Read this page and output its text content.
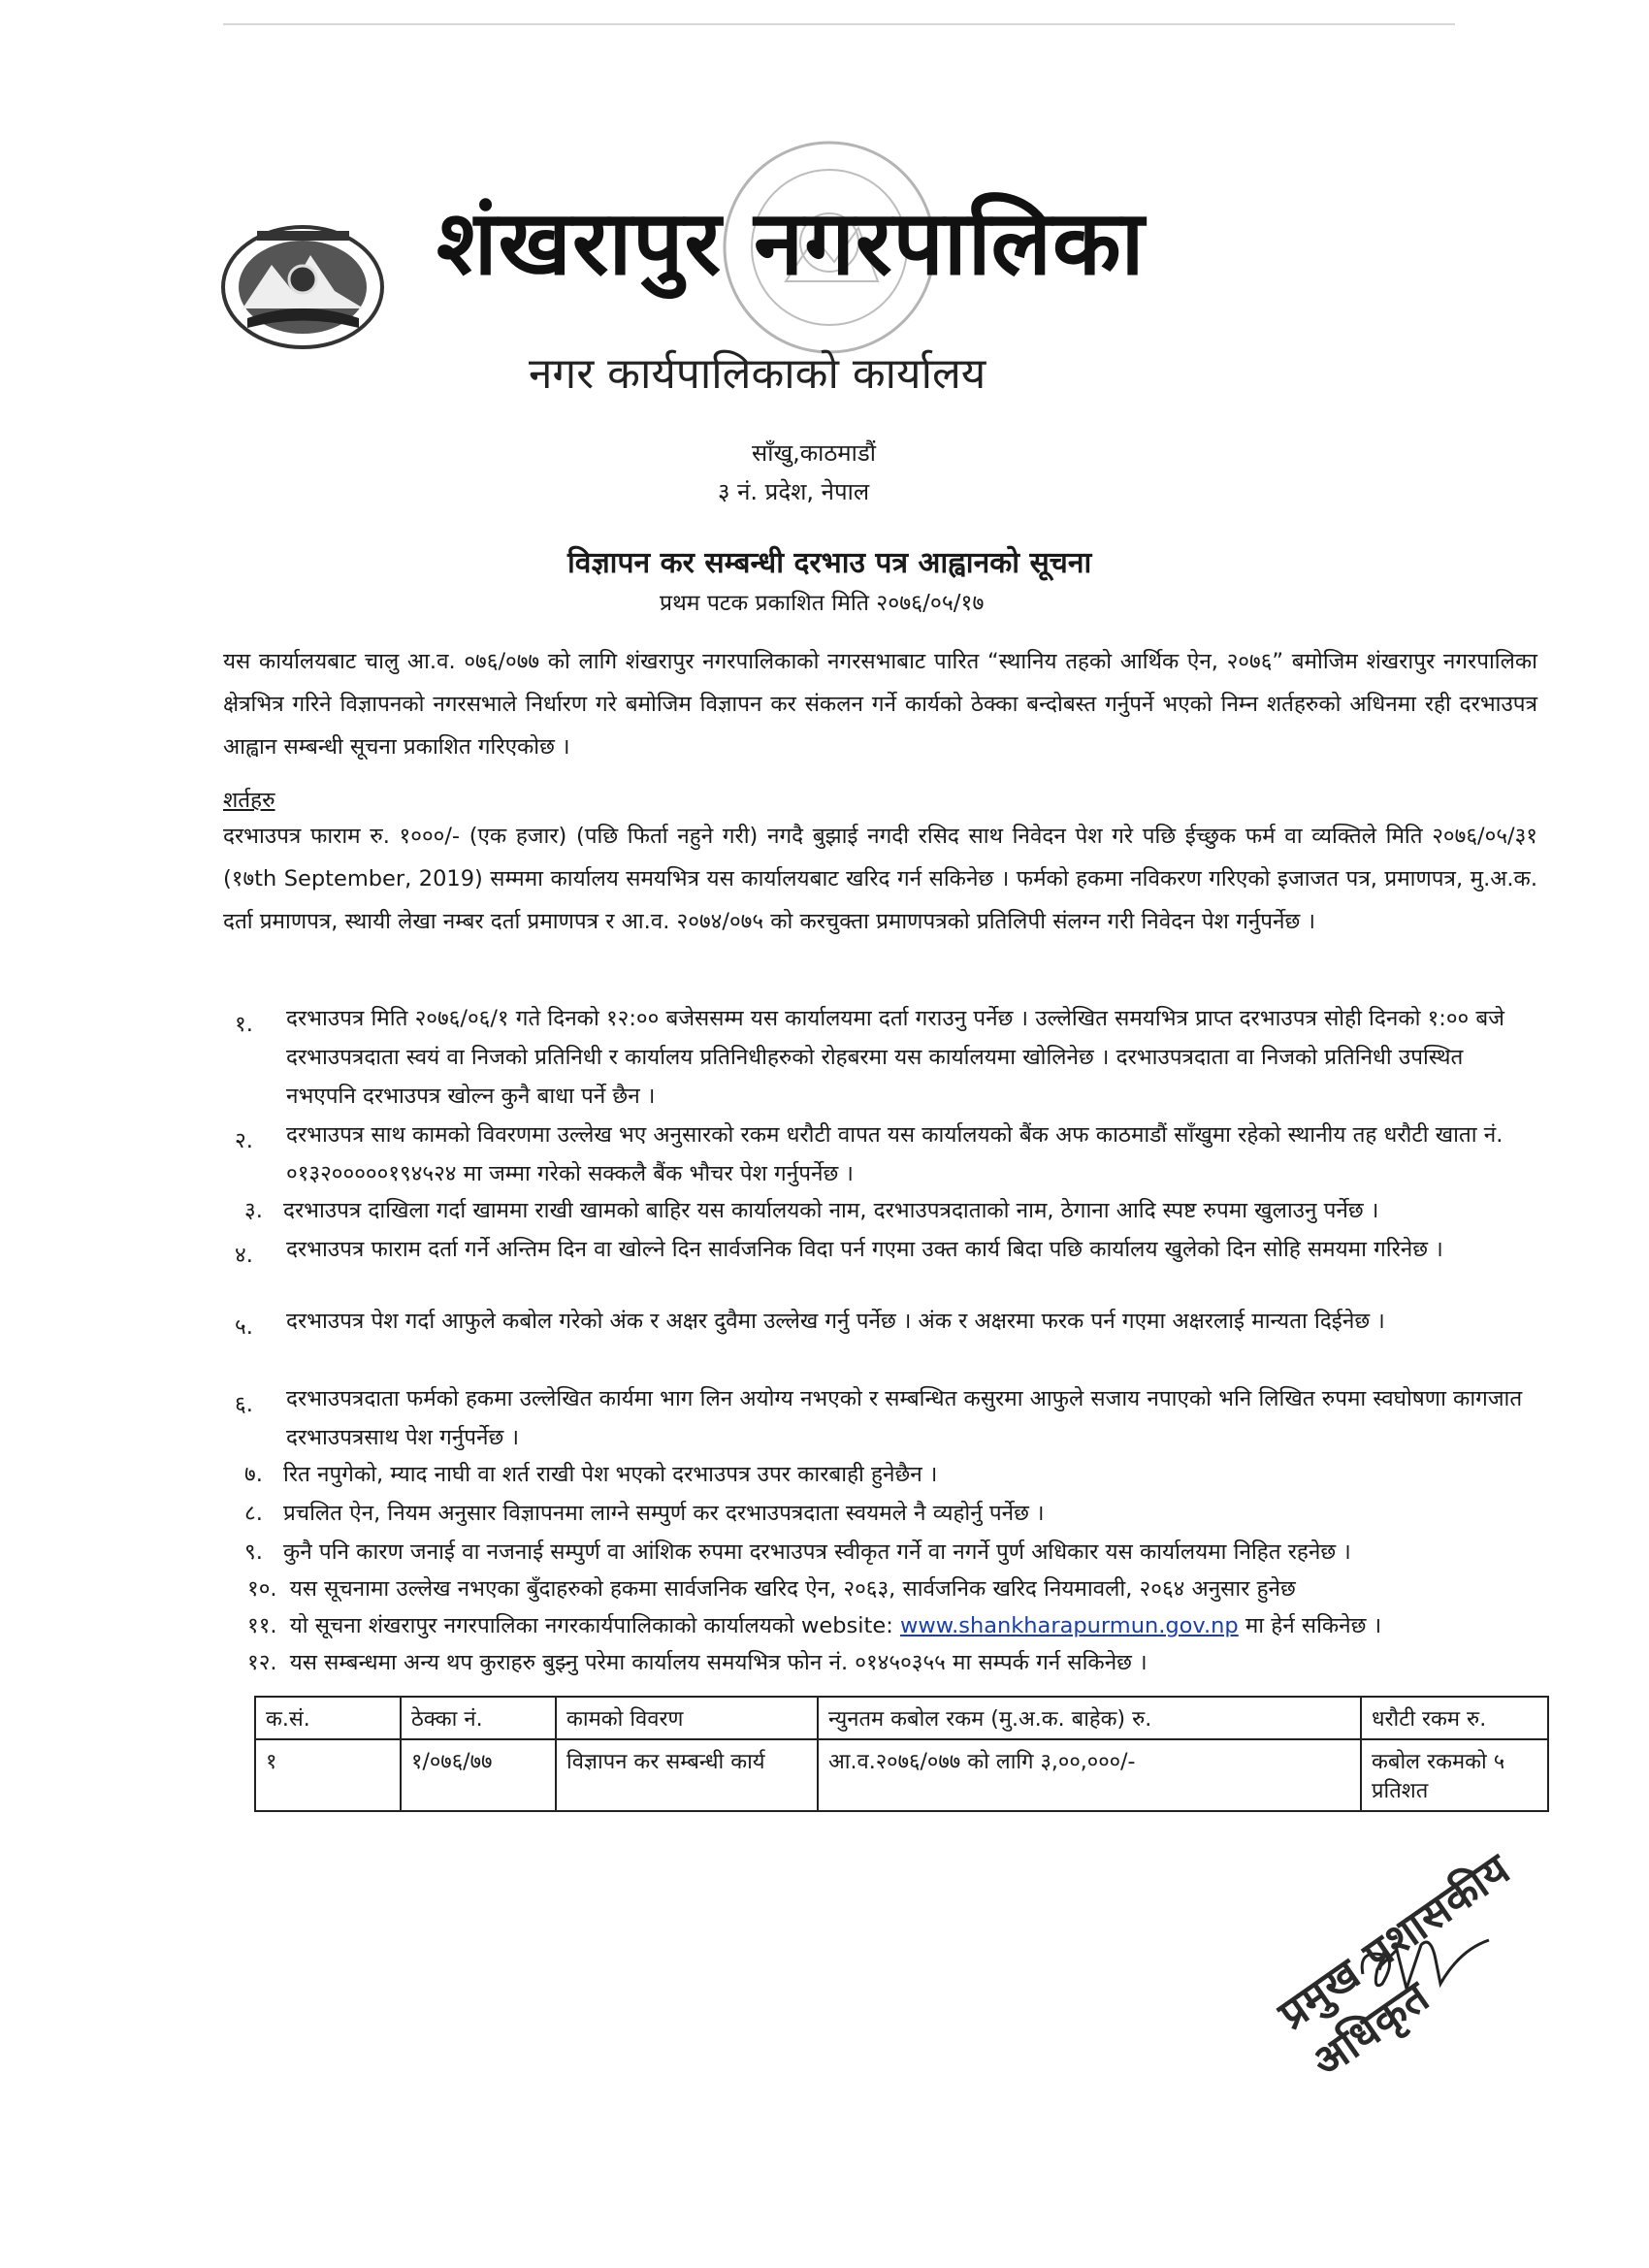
शंखरापुर नगरपालिका
नगर कार्यपालिकाको कार्यालय
साँखु,काठमाडौं
३ नं. प्रदेश, नेपाल
विज्ञापन कर सम्बन्धी दरभाउ पत्र आह्वानको सूचना
प्रथम पटक प्रकाशित मिति २०७६/०५/१७
यस कार्यालयबाट चालु आ.व. ०७६/०७७ को लागि शंखरापुर नगरपालिकाको नगरसभाबाट पारित “स्थानिय तहको आर्थिक ऐन, २०७६” बमोजिम शंखरापुर नगरपालिका क्षेत्रभित्र गरिने विज्ञापनको नगरसभाले निर्धारण गरे बमोजिम विज्ञापन कर संकलन गर्ने कार्यको ठेक्का बन्दोबस्त गर्नुपर्ने भएको निम्न शर्तहरुको अधिनमा रही दरभाउपत्र आह्वान सम्बन्धी सूचना प्रकाशित गरिएकोछ ।
शर्तहरु
दरभाउपत्र फाराम रु. १०००/- (एक हजार) (पछि फिर्ता नहुने गरी) नगदै बुझाई नगदी रसिद साथ निवेदन पेश गरे पछि ईच्छुक फर्म वा व्यक्तिले मिति २०७६/०५/३१ (१७th September, 2019) सम्ममा कार्यालय समयभित्र यस कार्यालयबाट खरिद गर्न सकिनेछ । फर्मको हकमा नविकरण गरिएको इजाजत पत्र, प्रमाणपत्र, मु.अ.क. दर्ता प्रमाणपत्र, स्थायी लेखा नम्बर दर्ता प्रमाणपत्र र आ.व. २०७४/०७५ को करचुक्ता प्रमाणपत्रको प्रतिलिपी संलग्न गरी निवेदन पेश गर्नुपर्नेछ ।
१.	दरभाउपत्र मिति २०७६/०६/१ गते दिनको १२:०० बजेससम्म यस कार्यालयमा दर्ता गराउनु पर्नेछ । उल्लेखित समयभित्र प्राप्त दरभाउपत्र सोही दिनको १:०० बजे दरभाउपत्रदाता स्वयं वा निजको प्रतिनिधी र कार्यालय प्रतिनिधीहरुको रोहबरमा यस कार्यालयमा खोलिनेछ । दरभाउपत्रदाता वा निजको प्रतिनिधी उपस्थित नभएपनि दरभाउपत्र खोल्न कुनै बाधा पर्ने छैन ।
२.	दरभाउपत्र साथ कामको विवरणमा उल्लेख भए अनुसारको रकम धरौटी वापत यस कार्यालयको बैंक अफ काठमाडौं साँखुमा रहेको स्थानीय तह धरौटी खाता नं. ०१३२०००००१९४५२४ मा जम्मा गरेको सक्कलै बैंक भौचर पेश गर्नुपर्नेछ ।
३. दरभाउपत्र दाखिला गर्दा खाममा राखी खामको बाहिर यस कार्यालयको नाम, दरभाउपत्रदाताको नाम, ठेगाना आदि स्पष्ट रुपमा खुलाउनु पर्नेछ ।
४.	दरभाउपत्र फाराम दर्ता गर्ने अन्तिम दिन वा खोल्ने दिन सार्वजनिक विदा पर्न गएमा उक्त कार्य बिदा पछि कार्यालय खुलेको दिन सोहि समयमा गरिनेछ ।
५.	दरभाउपत्र पेश गर्दा आफुले कबोल गरेको अंक र अक्षर दुवैमा उल्लेख गर्नु पर्नेछ । अंक र अक्षरमा फरक पर्न गएमा अक्षरलाई मान्यता दिईनेछ ।
६.	दरभाउपत्रदाता फर्मको हकमा उल्लेखित कार्यमा भाग लिन अयोग्य नभएको र सम्बन्धित कसुरमा आफुले सजाय नपाएको भनि लिखित रुपमा स्वघोषणा कागजात दरभाउपत्रसाथ पेश गर्नुपर्नेछ ।
७. रित नपुगेको, म्याद नाघी वा शर्त राखी पेश भएको दरभाउपत्र उपर कारबाही हुनेछैन ।
८. प्रचलित ऐन, नियम अनुसार विज्ञापनमा लाग्ने सम्पुर्ण कर दरभाउपत्रदाता स्वयमले नै व्यहोर्नु पर्नेछ ।
९. कुनै पनि कारण जनाई वा नजनाई सम्पुर्ण वा आंशिक रुपमा दरभाउपत्र स्वीकृत गर्ने वा नगर्ने पुर्ण अधिकार यस कार्यालयमा निहित रहनेछ ।
१०. यस सूचनामा उल्लेख नभएका बुँदाहरुको हकमा सार्वजनिक खरिद ऐन, २०६३, सार्वजनिक खरिद नियमावली, २०६४ अनुसार हुनेछ
११. यो सूचना शंखरापुर नगरपालिका नगरकार्यपालिकाको कार्यालयको website: www.shankharapurmun.gov.np मा हेर्न सकिनेछ ।
१२. यस सम्बन्धमा अन्य थप कुराहरु बुझ्नु परेमा कार्यालय समयभित्र फोन नं. ०१४५०३५५ मा सम्पर्क गर्न सकिनेछ ।
क.सं.	ठेक्का नं.	कामको विवरण	न्युनतम कबोल रकम (मु.अ.क. बाहेक) रु.	धरौटी रकम रु.
१	१/०७६/७७	विज्ञापन कर सम्बन्धी कार्य	आ.व.२०७६/०७७ को लागि ३,००,०००/-	कबोल रकमको ५ प्रतिशत
प्रमुख प्रशासकीय अधिकृत
